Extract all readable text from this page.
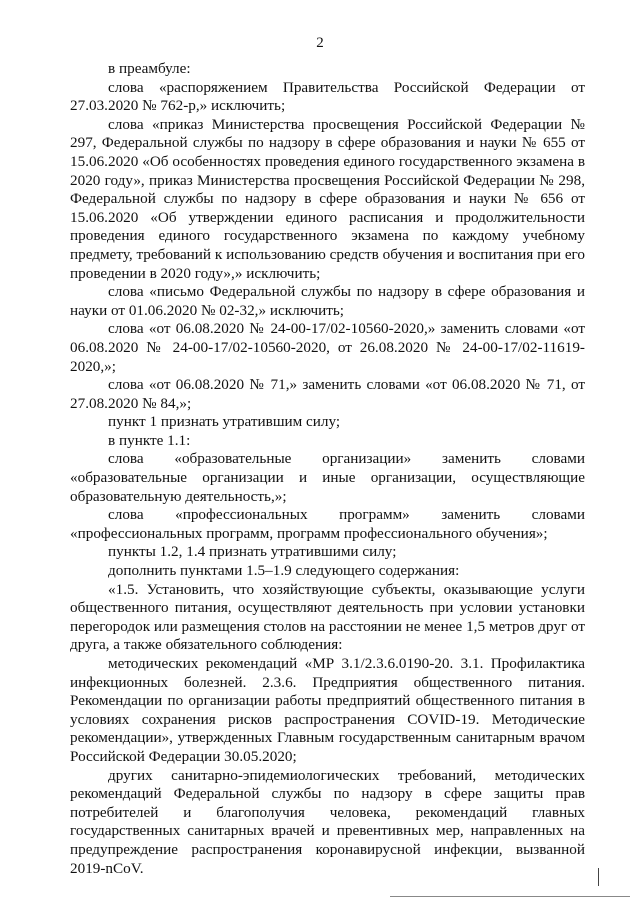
2

в преамбуле:

слова «распоряжением Правительства Российской Федерации от 27.03.2020 № 762-р,» исключить;

слова «приказ Министерства просвещения Российской Федерации № 297, Федеральной службы по надзору в сфере образования и науки № 655 от 15.06.2020 «Об особенностях проведения единого государственного экзамена в 2020 году», приказ Министерства просвещения Российской Федерации № 298, Федеральной службы по надзору в сфере образования и науки № 656 от 15.06.2020 «Об утверждении единого расписания и продолжительности проведения единого государственного экзамена по каждому учебному предмету, требований к использованию средств обучения и воспитания при его проведении в 2020 году»,» исключить;

слова «письмо Федеральной службы по надзору в сфере образования и науки от 01.06.2020 № 02-32,» исключить;

слова «от 06.08.2020 № 24-00-17/02-10560-2020,» заменить словами «от 06.08.2020 № 24-00-17/02-10560-2020, от 26.08.2020 № 24-00-17/02-11619-2020,»;

слова «от 06.08.2020 № 71,» заменить словами «от 06.08.2020 № 71, от 27.08.2020 № 84,»;

пункт 1 признать утратившим силу;

в пункте 1.1:

слова «образовательные организации» заменить словами «образовательные организации и иные организации, осуществляющие образовательную деятельность,»;

слова «профессиональных программ» заменить словами «профессиональных программ, программ профессионального обучения»;

пункты 1.2, 1.4 признать утратившими силу;

дополнить пунктами 1.5–1.9 следующего содержания:

«1.5. Установить, что хозяйствующие субъекты, оказывающие услуги общественного питания, осуществляют деятельность при условии установки перегородок или размещения столов на расстоянии не менее 1,5 метров друг от друга, а также обязательного соблюдения:

методических рекомендаций «МР 3.1/2.3.6.0190-20. 3.1. Профилактика инфекционных болезней. 2.3.6. Предприятия общественного питания. Рекомендации по организации работы предприятий общественного питания в условиях сохранения рисков распространения COVID-19. Методические рекомендации», утвержденных Главным государственным санитарным врачом Российской Федерации 30.05.2020;

других санитарно-эпидемиологических требований, методических рекомендаций Федеральной службы по надзору в сфере защиты прав потребителей и благополучия человека, рекомендаций главных государственных санитарных врачей и превентивных мер, направленных на предупреждение распространения коронавирусной инфекции, вызванной 2019-nCoV.
